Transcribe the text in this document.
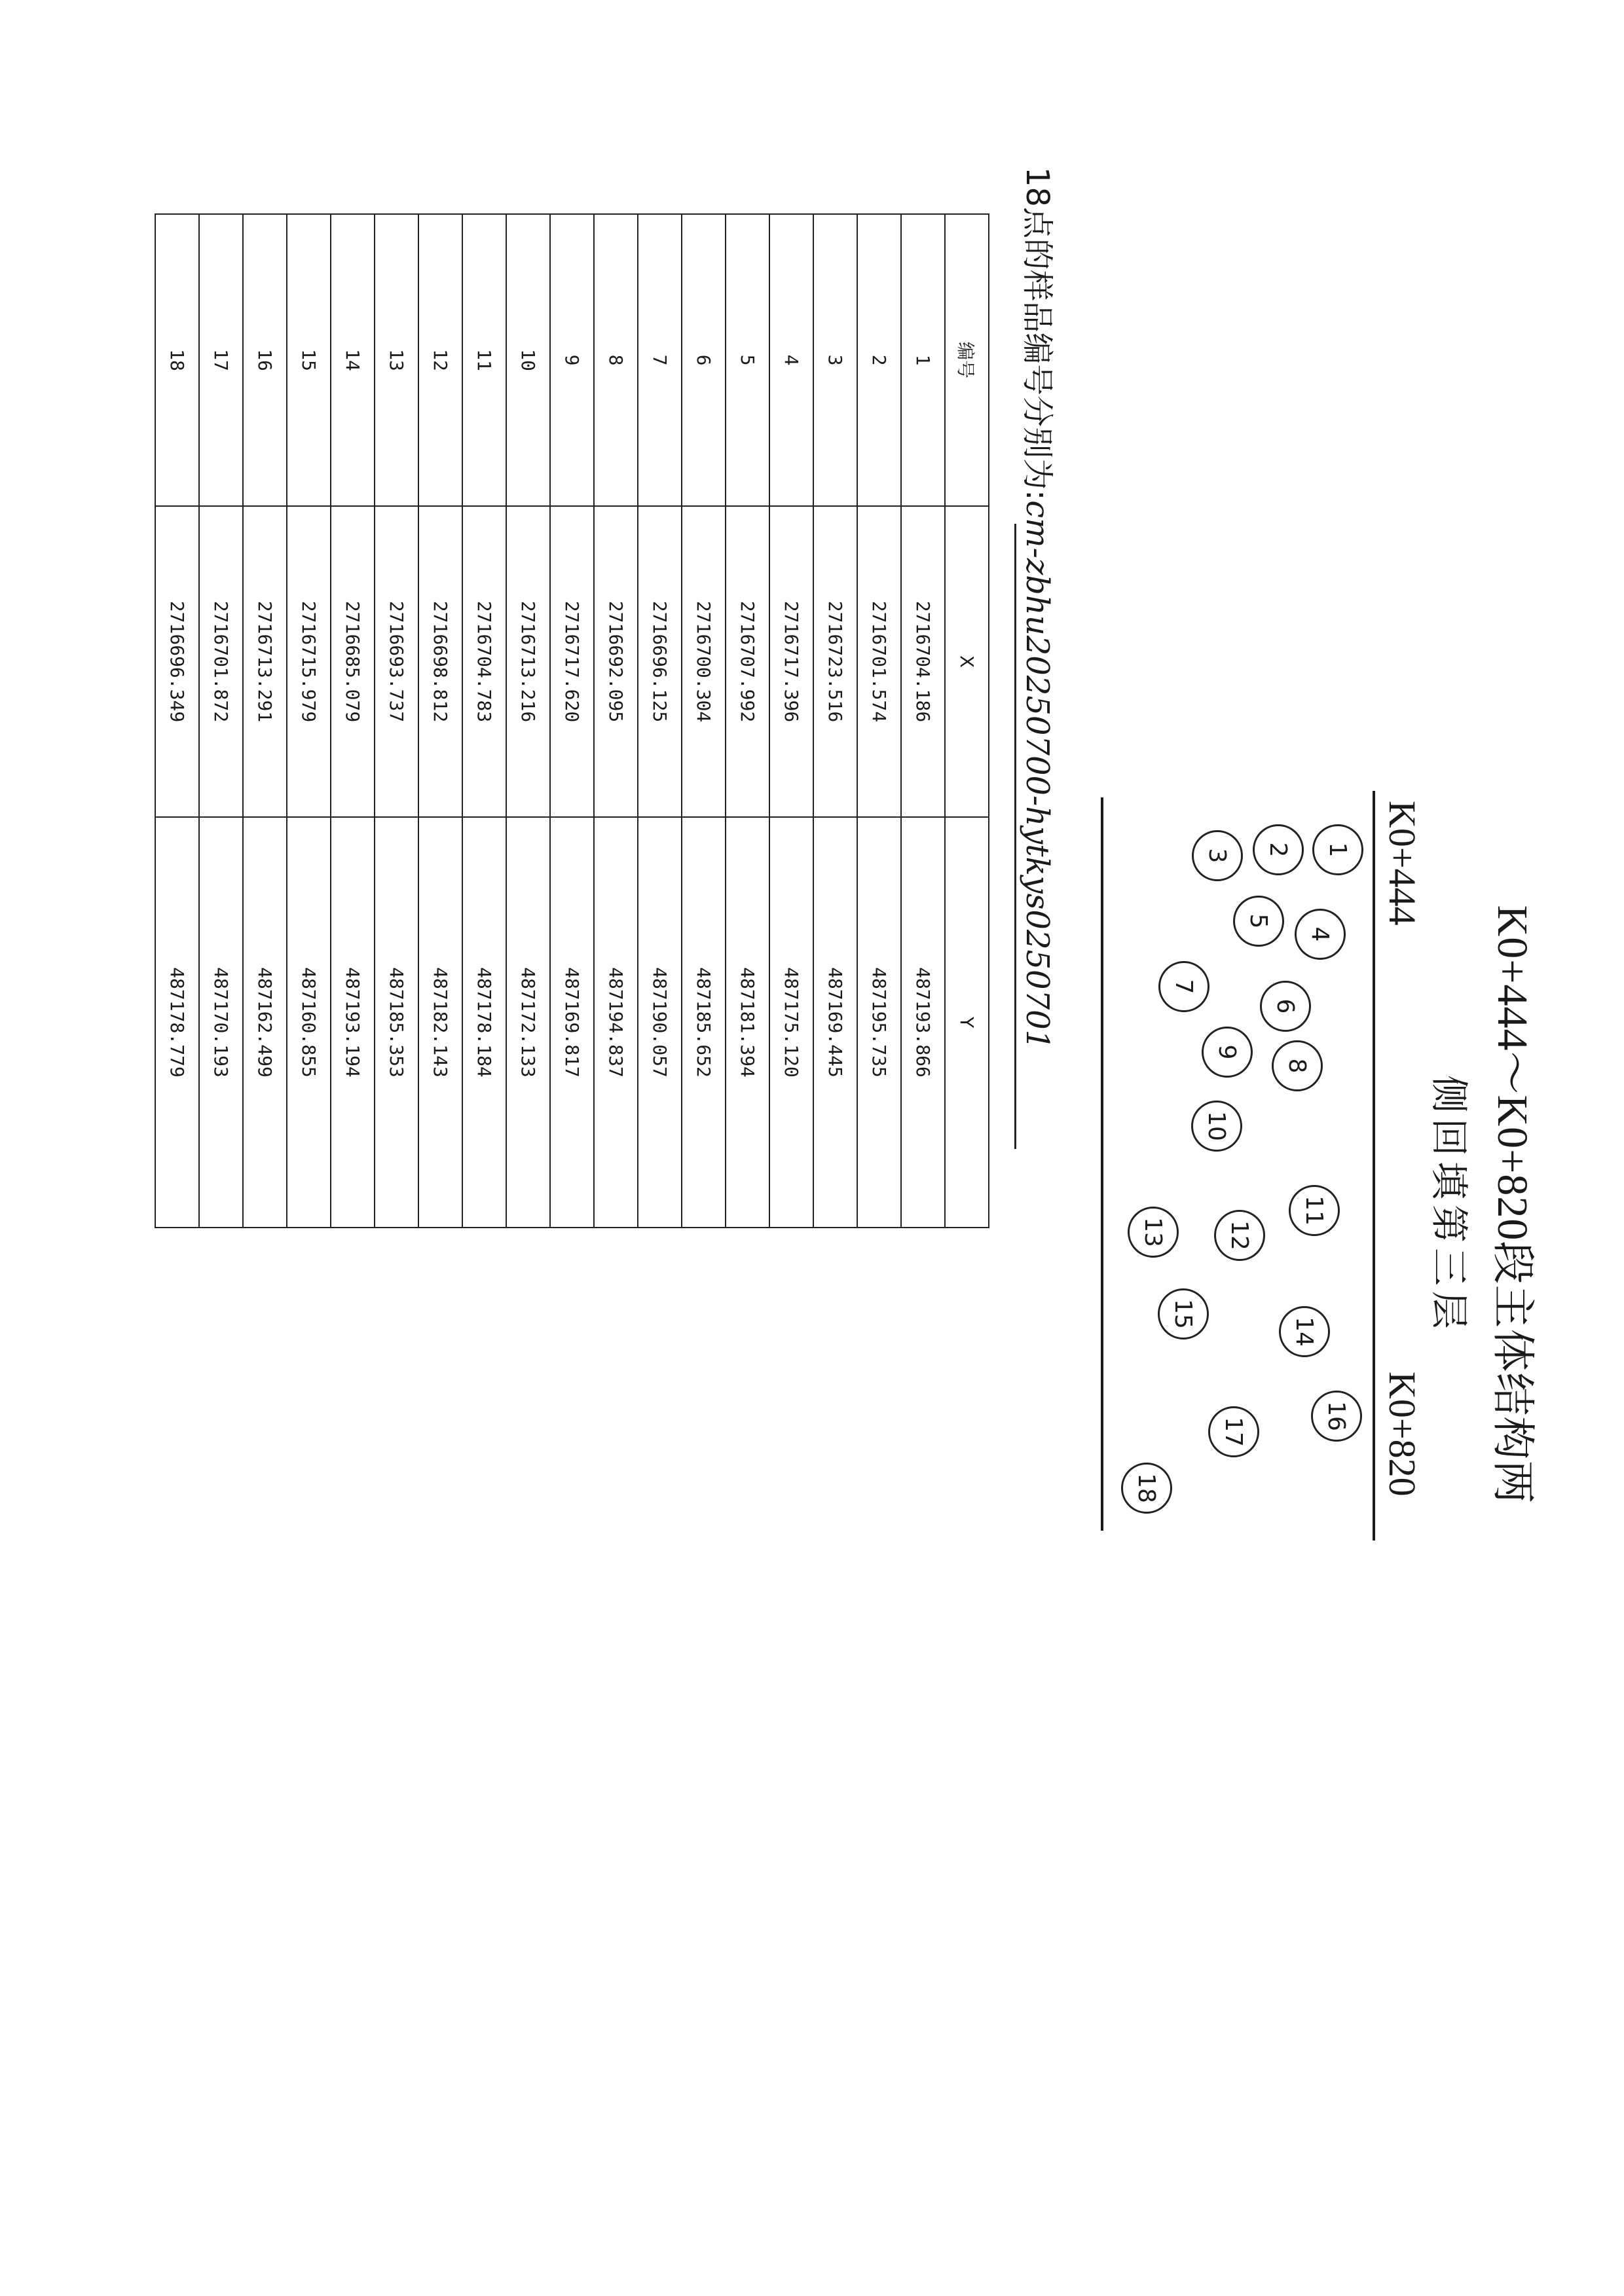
K0+444～K0+820段主体结构两
侧回填第三层
K0+444
K0+820
1
2
3
4
5
6
7
8
9
10
11
12
13
14
15
16
17
18
18点的样品编号分别为:cm-zbhu20250700-hytkys0250701
编号	X	Y
1	2716704.186	487193.866
2	2716701.574	487195.735
3	2716723.516	487169.445
4	2716717.396	487175.120
5	2716707.992	487181.394
6	2716700.304	487185.652
7	2716696.125	487190.057
8	2716692.095	487194.837
9	2716717.620	487169.817
10	2716713.216	487172.133
11	2716704.783	487178.184
12	2716698.812	487182.143
13	2716693.737	487185.353
14	2716685.079	487193.194
15	2716715.979	487160.855
16	2716713.291	487162.499
17	2716701.872	487170.193
18	2716696.349	487178.779
